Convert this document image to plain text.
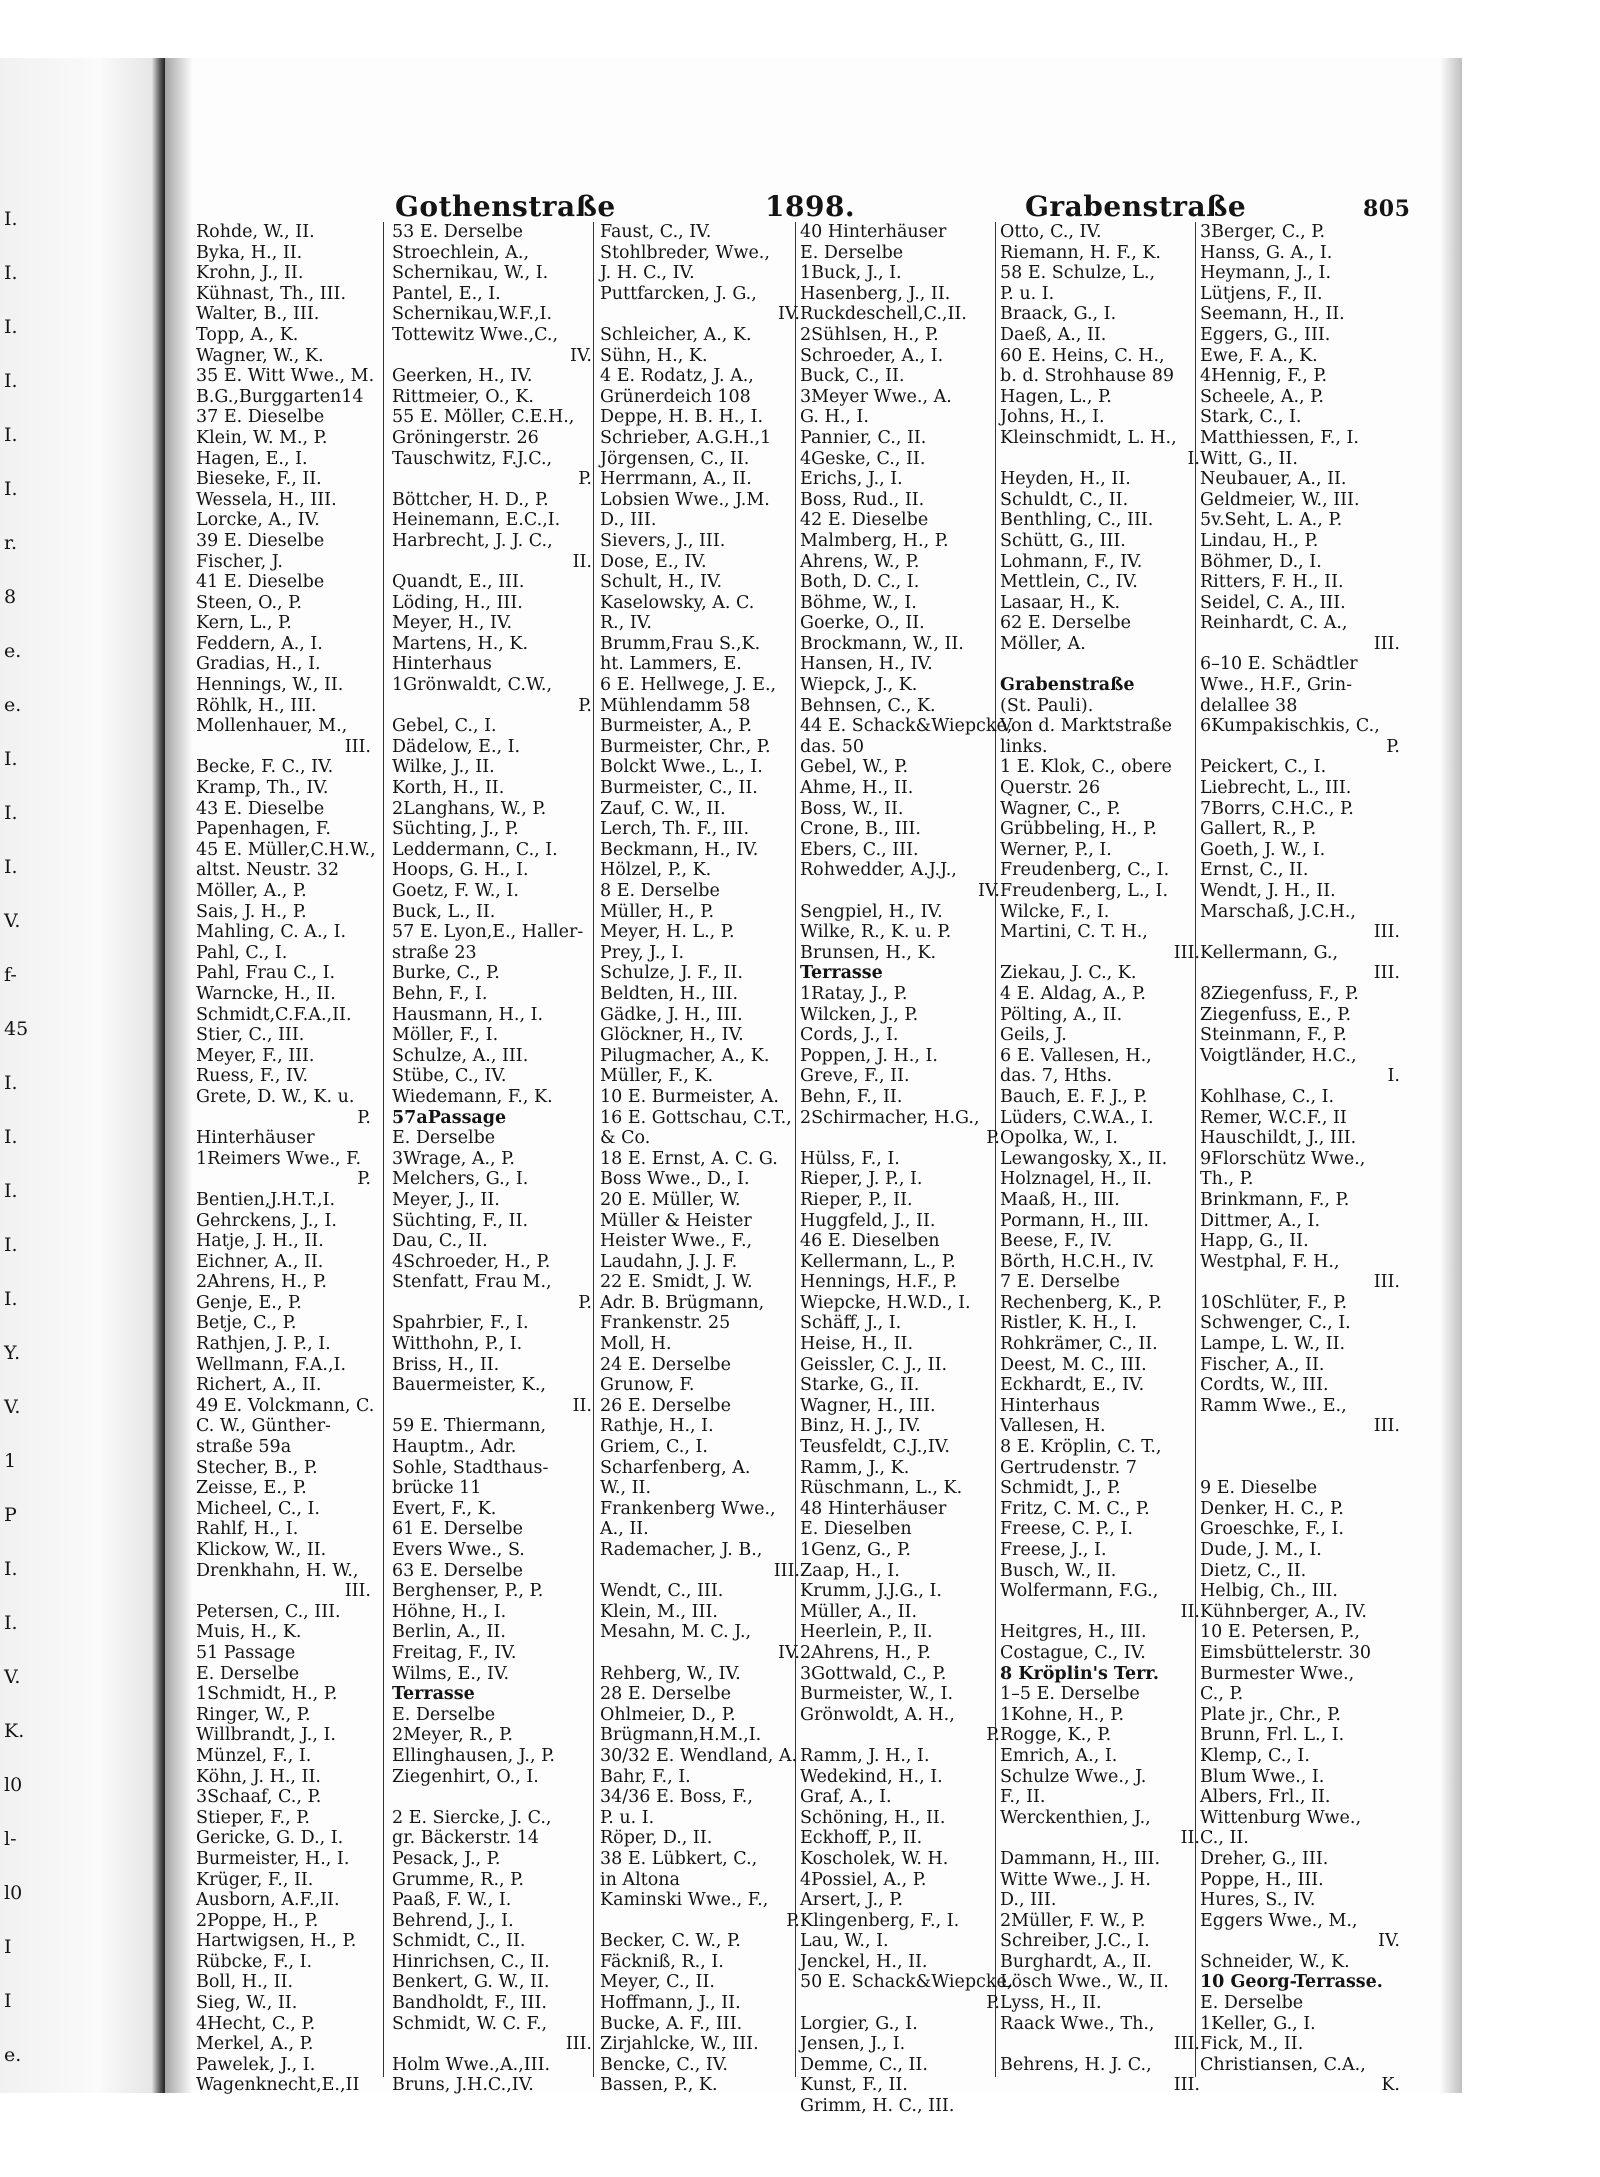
Gothenstraße	1898.	Grabenstraße	805
I.
I.
I.
I.
I.
I.
r.
8
e.
e.
I.
I.
I.
V.
f-
45
I.
I.
I.
I.
I.
Y.
V.
1
P
I.
I.
V.
K.
l0
l-
l0
I
I
e.
Rohde, W., II.
Byka, H., II.
Krohn, J., II.
Kühnast, Th., III.
Walter, B., III.
Topp, A., K.
Wagner, W., K.
35 E. Witt Wwe., M.
B.G.,Burggarten14
37 E. Dieselbe
Klein, W. M., P.
Hagen, E., I.
Bieseke, F., II.
Wessela, H., III.
Lorcke, A., IV.
39 E. Dieselbe
Fischer, J.
41 E. Dieselbe
Steen, O., P.
Kern, L., P.
Feddern, A., I.
Gradias, H., I.
Hennings, W., II.
Röhlk, H., III.
Mollenhauer, M.,
III.
Becke, F. C., IV.
Kramp, Th., IV.
43 E. Dieselbe
Papenhagen, F.
45 E. Müller,C.H.W.,
altst. Neustr. 32
Möller, A., P.
Sais, J. H., P.
Mahling, C. A., I.
Pahl, C., I.
Pahl, Frau C., I.
Warncke, H., II.
Schmidt,C.F.A.,II.
Stier, C., III.
Meyer, F., III.
Ruess, F., IV.
Grete, D. W., K. u.
P.
Hinterhäuser
1Reimers Wwe., F.
P.
Bentien,J.H.T.,I.
Gehrckens, J., I.
Hatje, J. H., II.
Eichner, A., II.
2Ahrens, H., P.
Genje, E., P.
Betje, C., P.
Rathjen, J. P., I.
Wellmann, F.A.,I.
Richert, A., II.
49 E. Volckmann, C.
C. W., Günther-
straße 59a
Stecher, B., P.
Zeisse, E., P.
Micheel, C., I.
Rahlf, H., I.
Klickow, W., II.
Drenkhahn, H. W.,
III.
Petersen, C., III.
Muis, H., K.
51 Passage
E. Derselbe
1Schmidt, H., P.
Ringer, W., P.
Willbrandt, J., I.
Münzel, F., I.
Köhn, J. H., II.
3Schaaf, C., P.
Stieper, F., P.
Gericke, G. D., I.
Burmeister, H., I.
Krüger, F., II.
Ausborn, A.F.,II.
2Poppe, H., P.
Hartwigsen, H., P.
Rübcke, F., I.
Boll, H., II.
Sieg, W., II.
4Hecht, C., P.
Merkel, A., P.
Pawelek, J., I.
Wagenknecht,E.,II
53 E. Derselbe
Stroechlein, A.,
Schernikau, W., I.
Pantel, E., I.
Schernikau,W.F.,I.
Tottewitz Wwe.,C.,
IV.
Geerken, H., IV.
Rittmeier, O., K.
55 E. Möller, C.E.H.,
Gröningerstr. 26
Tauschwitz, F.J.C.,
P.
Böttcher, H. D., P.
Heinemann, E.C.,I.
Harbrecht, J. J. C.,
II.
Quandt, E., III.
Löding, H., III.
Meyer, H., IV.
Martens, H., K.
Hinterhaus
1Grönwaldt, C.W.,
P.
Gebel, C., I.
Dädelow, E., I.
Wilke, J., II.
Korth, H., II.
2Langhans, W., P.
Süchting, J., P.
Leddermann, C., I.
Hoops, G. H., I.
Goetz, F. W., I.
Buck, L., II.
57 E. Lyon,E., Haller-
straße 23
Burke, C., P.
Behn, F., I.
Hausmann, H., I.
Möller, F., I.
Schulze, A., III.
Stübe, C., IV.
Wiedemann, F., K.
57aPassage
E. Derselbe
3Wrage, A., P.
Melchers, G., I.
Meyer, J., II.
Süchting, F., II.
Dau, C., II.
4Schroeder, H., P.
Stenfatt, Frau M.,
P.
Spahrbier, F., I.
Witthohn, P., I.
Briss, H., II.
Bauermeister, K.,
II.
59 E. Thiermann,
Hauptm., Adr.
Sohle, Stadthaus-
brücke 11
Evert, F., K.
61 E. Derselbe
Evers Wwe., S.
63 E. Derselbe
Berghenser, P., P.
Höhne, H., I.
Berlin, A., II.
Freitag, F., IV.
Wilms, E., IV.
Terrasse
E. Derselbe
2Meyer, R., P.
Ellinghausen, J., P.
Ziegenhirt, O., I.
2 E. Siercke, J. C.,
gr. Bäckerstr. 14
Pesack, J., P.
Grumme, R., P.
Paaß, F. W., I.
Behrend, J., I.
Schmidt, C., II.
Hinrichsen, C., II.
Benkert, G. W., II.
Bandholdt, F., III.
Schmidt, W. C. F.,
III.
Holm Wwe.,A.,III.
Bruns, J.H.C.,IV.
Faust, C., IV.
Stohlbreder, Wwe.,
J. H. C., IV.
Puttfarcken, J. G.,
IV.
Schleicher, A., K.
Sühn, H., K.
4 E. Rodatz, J. A.,
Grünerdeich 108
Deppe, H. B. H., I.
Schrieber, A.G.H.,1
Jörgensen, C., II.
Herrmann, A., II.
Lobsien Wwe., J.M.
D., III.
Sievers, J., III.
Dose, E., IV.
Schult, H., IV.
Kaselowsky, A. C.
R., IV.
Brumm,Frau S.,K.
ht. Lammers, E.
6 E. Hellwege, J. E.,
Mühlendamm 58
Burmeister, A., P.
Burmeister, Chr., P.
Bolckt Wwe., L., I.
Burmeister, C., II.
Zauf, C. W., II.
Lerch, Th. F., III.
Beckmann, H., IV.
Hölzel, P., K.
8 E. Derselbe
Müller, H., P.
Meyer, H. L., P.
Prey, J., I.
Schulze, J. F., II.
Beldten, H., III.
Gädke, J. H., III.
Glöckner, H., IV.
Pilugmacher, A., K.
Müller, F., K.
10 E. Burmeister, A.
16 E. Gottschau, C.T.,
& Co.
18 E. Ernst, A. C. G.
Boss Wwe., D., I.
20 E. Müller, W.
Müller & Heister
Heister Wwe., F.,
Laudahn, J. J. F.
22 E. Smidt, J. W.
Adr. B. Brügmann,
Frankenstr. 25
Moll, H.
24 E. Derselbe
Grunow, F.
26 E. Derselbe
Rathje, H., I.
Griem, C., I.
Scharfenberg, A.
W., II.
Frankenberg Wwe.,
A., II.
Rademacher, J. B.,
III.
Wendt, C., III.
Klein, M., III.
Mesahn, M. C. J.,
IV.
Rehberg, W., IV.
28 E. Derselbe
Ohlmeier, D., P.
Brügmann,H.M.,I.
30/32 E. Wendland, A.
Bahr, F., I.
34/36 E. Boss, F.,
P. u. I.
Röper, D., II.
38 E. Lübkert, C.,
in Altona
Kaminski Wwe., F.,
P.
Becker, C. W., P.
Fäckniß, R., I.
Meyer, C., II.
Hoffmann, J., II.
Bucke, A. F., III.
Zirjahlcke, W., III.
Bencke, C., IV.
Bassen, P., K.
40 Hinterhäuser
E. Derselbe
1Buck, J., I.
Hasenberg, J., II.
Ruckdeschell,C.,II.
2Sühlsen, H., P.
Schroeder, A., I.
Buck, C., II.
3Meyer Wwe., A.
G. H., I.
Pannier, C., II.
4Geske, C., II.
Erichs, J., I.
Boss, Rud., II.
42 E. Dieselbe
Malmberg, H., P.
Ahrens, W., P.
Both, D. C., I.
Böhme, W., I.
Goerke, O., II.
Brockmann, W., II.
Hansen, H., IV.
Wiepck, J., K.
Behnsen, C., K.
44 E. Schack&Wiepcke,
das. 50
Gebel, W., P.
Ahme, H., II.
Boss, W., II.
Crone, B., III.
Ebers, C., III.
Rohwedder, A.J.J.,
IV.
Sengpiel, H., IV.
Wilke, R., K. u. P.
Brunsen, H., K.
Terrasse
1Ratay, J., P.
Wilcken, J., P.
Cords, J., I.
Poppen, J. H., I.
Greve, F., II.
Behn, F., II.
2Schirmacher, H.G.,
P.
Hülss, F., I.
Rieper, J. P., I.
Rieper, P., II.
Huggfeld, J., II.
46 E. Dieselben
Kellermann, L., P.
Hennings, H.F., P.
Wiepcke, H.W.D., I.
Schäff, J., I.
Heise, H., II.
Geissler, C. J., II.
Starke, G., II.
Wagner, H., III.
Binz, H. J., IV.
Teusfeldt, C.J.,IV.
Ramm, J., K.
Rüschmann, L., K.
48 Hinterhäuser
E. Dieselben
1Genz, G., P.
Zaap, H., I.
Krumm, J.J.G., I.
Müller, A., II.
Heerlein, P., II.
2Ahrens, H., P.
3Gottwald, C., P.
Burmeister, W., I.
Grönwoldt, A. H.,
P.
Ramm, J. H., I.
Wedekind, H., I.
Graf, A., I.
Schöning, H., II.
Eckhoff, P., II.
Koscholek, W. H.
4Possiel, A., P.
Arsert, J., P.
Klingenberg, F., I.
Lau, W., I.
Jenckel, H., II.
50 E. Schack&Wiepcke,
P.
Lorgier, G., I.
Jensen, J., I.
Demme, C., II.
Kunst, F., II.
Grimm, H. C., III.
Otto, C., IV.
Riemann, H. F., K.
58 E. Schulze, L.,
P. u. I.
Braack, G., I.
Daeß, A., II.
60 E. Heins, C. H.,
b. d. Strohhause 89
Hagen, L., P.
Johns, H., I.
Kleinschmidt, L. H.,
I.
Heyden, H., II.
Schuldt, C., II.
Benthling, C., III.
Schütt, G., III.
Lohmann, F., IV.
Mettlein, C., IV.
Lasaar, H., K.
62 E. Derselbe
Möller, A.
Grabenstraße
(St. Pauli).
Von d. Marktstraße
links.
1 E. Klok, C., obere
Querstr. 26
Wagner, C., P.
Grübbeling, H., P.
Werner, P., I.
Freudenberg, C., I.
Freudenberg, L., I.
Wilcke, F., I.
Martini, C. T. H.,
III.
Ziekau, J. C., K.
4 E. Aldag, A., P.
Pölting, A., II.
Geils, J.
6 E. Vallesen, H.,
das. 7, Hths.
Bauch, E. F. J., P.
Lüders, C.W.A., I.
Opolka, W., I.
Lewangosky, X., II.
Holznagel, H., II.
Maaß, H., III.
Pormann, H., III.
Beese, F., IV.
Börth, H.C.H., IV.
7 E. Derselbe
Rechenberg, K., P.
Ristler, K. H., I.
Rohkrämer, C., II.
Deest, M. C., III.
Eckhardt, E., IV.
Hinterhaus
Vallesen, H.
8 E. Kröplin, C. T.,
Gertrudenstr. 7
Schmidt, J., P.
Fritz, C. M. C., P.
Freese, C. P., I.
Freese, J., I.
Busch, W., II.
Wolfermann, F.G.,
II.
Heitgres, H., III.
Costague, C., IV.
8 Kröplin's Terr.
1–5 E. Derselbe
1Kohne, H., P.
Rogge, K., P.
Emrich, A., I.
Schulze Wwe., J.
F., II.
Werckenthien, J.,
II.
Dammann, H., III.
Witte Wwe., J. H.
D., III.
2Müller, F. W., P.
Schreiber, J.C., I.
Burghardt, A., II.
Lösch Wwe., W., II.
Lyss, H., II.
Raack Wwe., Th.,
III.
Behrens, H. J. C.,
III.
3Berger, C., P.
Hanss, G. A., I.
Heymann, J., I.
Lütjens, F., II.
Seemann, H., II.
Eggers, G., III.
Ewe, F. A., K.
4Hennig, F., P.
Scheele, A., P.
Stark, C., I.
Matthiessen, F., I.
Witt, G., II.
Neubauer, A., II.
Geldmeier, W., III.
5v.Seht, L. A., P.
Lindau, H., P.
Böhmer, D., I.
Ritters, F. H., II.
Seidel, C. A., III.
Reinhardt, C. A.,
III.
6–10 E. Schädtler
Wwe., H.F., Grin-
delallee 38
6Kumpakischkis, C.,
P.
Peickert, C., I.
Liebrecht, L., III.
7Borrs, C.H.C., P.
Gallert, R., P.
Goeth, J. W., I.
Ernst, C., II.
Wendt, J. H., II.
Marschaß, J.C.H.,
III.
Kellermann, G.,
III.
8Ziegenfuss, F., P.
Ziegenfuss, E., P.
Steinmann, F., P.
Voigtländer, H.C.,
I.
Kohlhase, C., I.
Remer, W.C.F., II
Hauschildt, J., III.
9Florschütz Wwe.,
Th., P.
Brinkmann, F., P.
Dittmer, A., I.
Happ, G., II.
Westphal, F. H.,
III.
10Schlüter, F., P.
Schwenger, C., I.
Lampe, L. W., II.
Fischer, A., II.
Cordts, W., III.
Ramm Wwe., E.,
III.
9 E. Dieselbe
Denker, H. C., P.
Groeschke, F., I.
Dude, J. M., I.
Dietz, C., II.
Helbig, Ch., III.
Kühnberger, A., IV.
10 E. Petersen, P.,
Eimsbüttelerstr. 30
Burmester Wwe.,
C., P.
Plate jr., Chr., P.
Brunn, Frl. L., I.
Klemp, C., I.
Blum Wwe., I.
Albers, Frl., II.
Wittenburg Wwe.,
C., II.
Dreher, G., III.
Poppe, H., III.
Hures, S., IV.
Eggers Wwe., M.,
IV.
Schneider, W., K.
10 Georg-Terrasse.
E. Derselbe
1Keller, G., I.
Fick, M., II.
Christiansen, C.A.,
K.
